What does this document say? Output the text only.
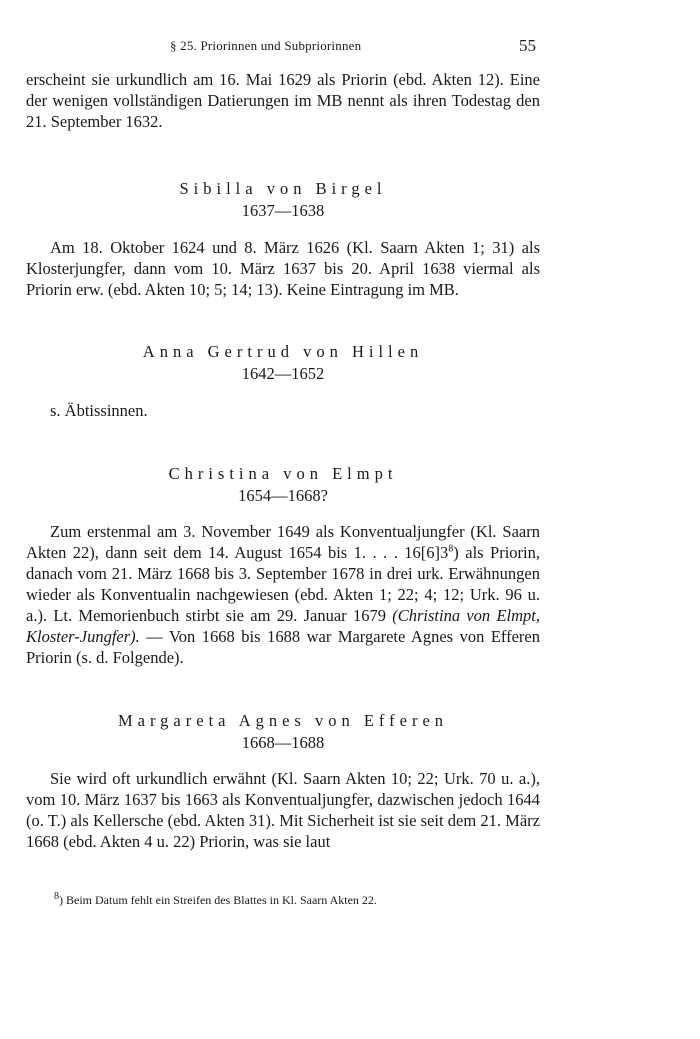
§ 25. Priorinnen und Subpriorinnen	55

erscheint sie urkundlich am 16. Mai 1629 als Priorin (ebd. Akten 12). Eine der wenigen vollständigen Datierungen im MB nennt als ihren Todestag den 21. September 1632.

Sibilla von Birgel

1637—1638

Am 18. Oktober 1624 und 8. März 1626 (Kl. Saarn Akten 1; 31) als Klosterjungfer, dann vom 10. März 1637 bis 20. April 1638 viermal als Priorin erw. (ebd. Akten 10; 5; 14; 13). Keine Eintragung im MB.

Anna Gertrud von Hillen

1642—1652

s. Äbtissinnen.

Christina von Elmpt

1654—1668?

Zum erstenmal am 3. November 1649 als Konventualjungfer (Kl. Saarn Akten 22), dann seit dem 14. August 1654 bis 1. . . . $16[6]3^8$) als Priorin, danach vom 21. März 1668 bis 3. September 1678 in drei urk. Erwähnungen wieder als Konventualin nachgewiesen (ebd. Akten 1; 22; 4; 12; Urk. 96 u. a.). Lt. Memorienbuch stirbt sie am 29. Januar 1679 (Christina von Elmpt, Kloster-Jungfer). — Von 1668 bis 1688 war Margarete Agnes von Efferen Priorin (s. d. Folgende).

Margareta Agnes von Efferen

1668—1688

Sie wird oft urkundlich erwähnt (Kl. Saarn Akten 10; 22; Urk. 70 u. a.), vom 10. März 1637 bis 1663 als Konventualjungfer, dazwischen jedoch 1644 (o. T.) als Kellersche (ebd. Akten 31). Mit Sicherheit ist sie seit dem 21. März 1668 (ebd. Akten 4 u. 22) Priorin, was sie laut

$^8$) Beim Datum fehlt ein Streifen des Blattes in Kl. Saarn Akten 22.
